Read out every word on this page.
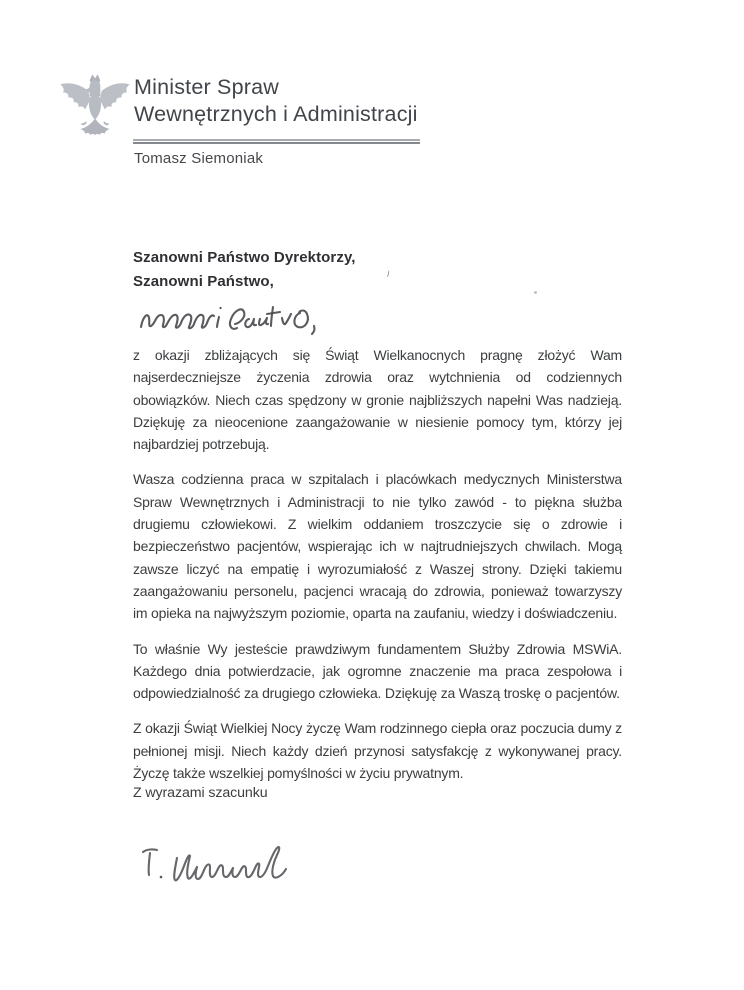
Minister Spraw
Wewnętrznych i Administracji
Tomasz Siemoniak
Szanowni Państwo Dyrektorzy,
Szanowni Państwo,

z okazji zbliżających się Świąt Wielkanocnych pragnę złożyć Wam najserdeczniejsze życzenia zdrowia oraz wytchnienia od codziennych obowiązków. Niech czas spędzony w gronie najbliższych napełni Was nadzieją. Dziękuję za nieocenione zaangażowanie w niesienie pomocy tym, którzy jej najbardziej potrzebują.

Wasza codzienna praca w szpitalach i placówkach medycznych Ministerstwa Spraw Wewnętrznych i Administracji to nie tylko zawód - to piękna służba drugiemu człowiekowi. Z wielkim oddaniem troszczycie się o zdrowie i bezpieczeństwo pacjentów, wspierając ich w najtrudniejszych chwilach. Mogą zawsze liczyć na empatię i wyrozumiałość z Waszej strony. Dzięki takiemu zaangażowaniu personelu, pacjenci wracają do zdrowia, ponieważ towarzyszy im opieka na najwyższym poziomie, oparta na zaufaniu, wiedzy i doświadczeniu.

To właśnie Wy jesteście prawdziwym fundamentem Służby Zdrowia MSWiA. Każdego dnia potwierdzacie, jak ogromne znaczenie ma praca zespołowa i odpowiedzialność za drugiego człowieka. Dziękuję za Waszą troskę o pacjentów.

Z okazji Świąt Wielkiej Nocy życzę Wam rodzinnego ciepła oraz poczucia dumy z pełnionej misji. Niech każdy dzień przynosi satysfakcję z wykonywanej pracy. Życzę także wszelkiej pomyślności w życiu prywatnym.

Z wyrazami szacunku
